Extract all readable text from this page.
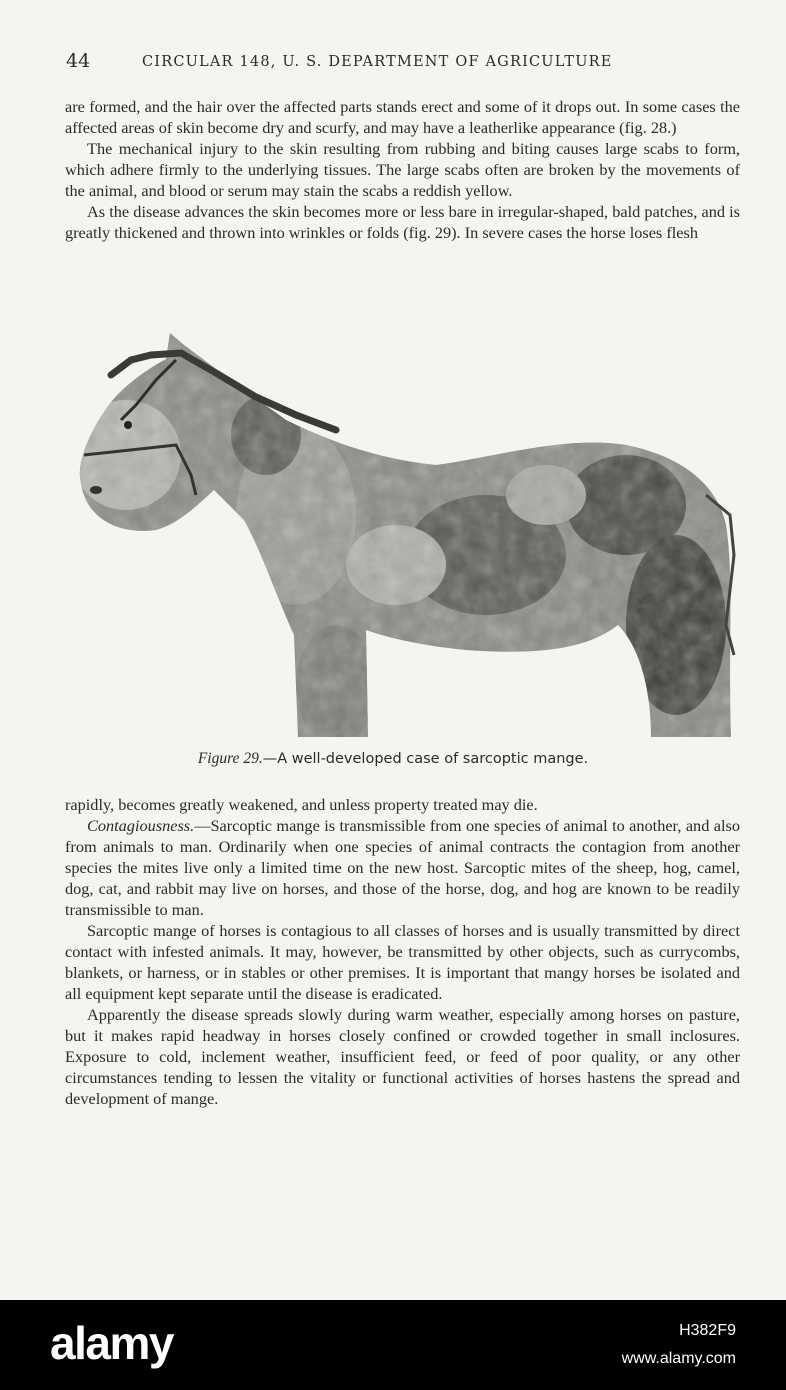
44	CIRCULAR 148, U. S. DEPARTMENT OF AGRICULTURE

are formed, and the hair over the affected parts stands erect and some of it drops out. In some cases the affected areas of skin become dry and scurfy, and may have a leatherlike appearance (fig. 28.)

The mechanical injury to the skin resulting from rubbing and biting causes large scabs to form, which adhere firmly to the underlying tissues. The large scabs often are broken by the movements of the animal, and blood or serum may stain the scabs a reddish yellow.

As the disease advances the skin becomes more or less bare in irregular-shaped, bald patches, and is greatly thickened and thrown into wrinkles or folds (fig. 29). In severe cases the horse loses flesh

Figure 29.—A well-developed case of sarcoptic mange.

rapidly, becomes greatly weakened, and unless property treated may die.

Contagiousness.—Sarcoptic mange is transmissible from one species of animal to another, and also from animals to man. Ordinarily when one species of animal contracts the contagion from another species the mites live only a limited time on the new host. Sarcoptic mites of the sheep, hog, camel, dog, cat, and rabbit may live on horses, and those of the horse, dog, and hog are known to be readily transmissible to man.

Sarcoptic mange of horses is contagious to all classes of horses and is usually transmitted by direct contact with infested animals. It may, however, be transmitted by other objects, such as currycombs, blankets, or harness, or in stables or other premises. It is important that mangy horses be isolated and all equipment kept separate until the disease is eradicated.

Apparently the disease spreads slowly during warm weather, especially among horses on pasture, but it makes rapid headway in horses closely confined or crowded together in small inclosures. Exposure to cold, inclement weather, insufficient feed, or feed of poor quality, or any other circumstances tending to lessen the vitality or functional activities of horses hastens the spread and development of mange.

alamy	H382F9
www.alamy.com
